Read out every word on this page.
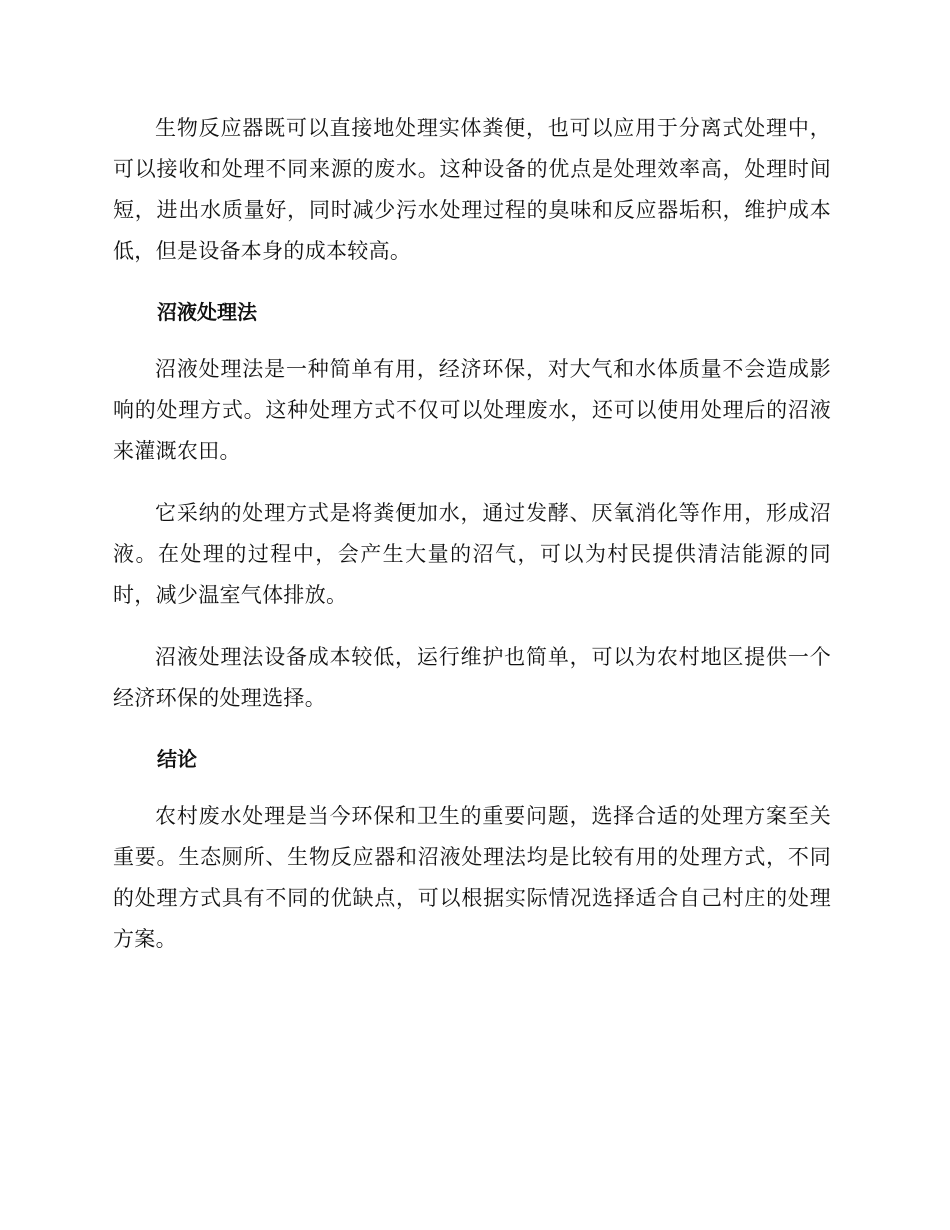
生物反应器既可以直接地处理实体粪便，也可以应用于分离式处理中，可以接收和处理不同来源的废水。这种设备的优点是处理效率高，处理时间短，进出水质量好，同时减少污水处理过程的臭味和反应器垢积，维护成本低，但是设备本身的成本较高。

沼液处理法

沼液处理法是一种简单有用，经济环保，对大气和水体质量不会造成影响的处理方式。这种处理方式不仅可以处理废水，还可以使用处理后的沼液来灌溉农田。

它采纳的处理方式是将粪便加水，通过发酵、厌氧消化等作用，形成沼液。在处理的过程中，会产生大量的沼气，可以为村民提供清洁能源的同时，减少温室气体排放。

沼液处理法设备成本较低，运行维护也简单，可以为农村地区提供一个经济环保的处理选择。

结论

农村废水处理是当今环保和卫生的重要问题，选择合适的处理方案至关重要。生态厕所、生物反应器和沼液处理法均是比较有用的处理方式，不同的处理方式具有不同的优缺点，可以根据实际情况选择适合自己村庄的处理方案。
